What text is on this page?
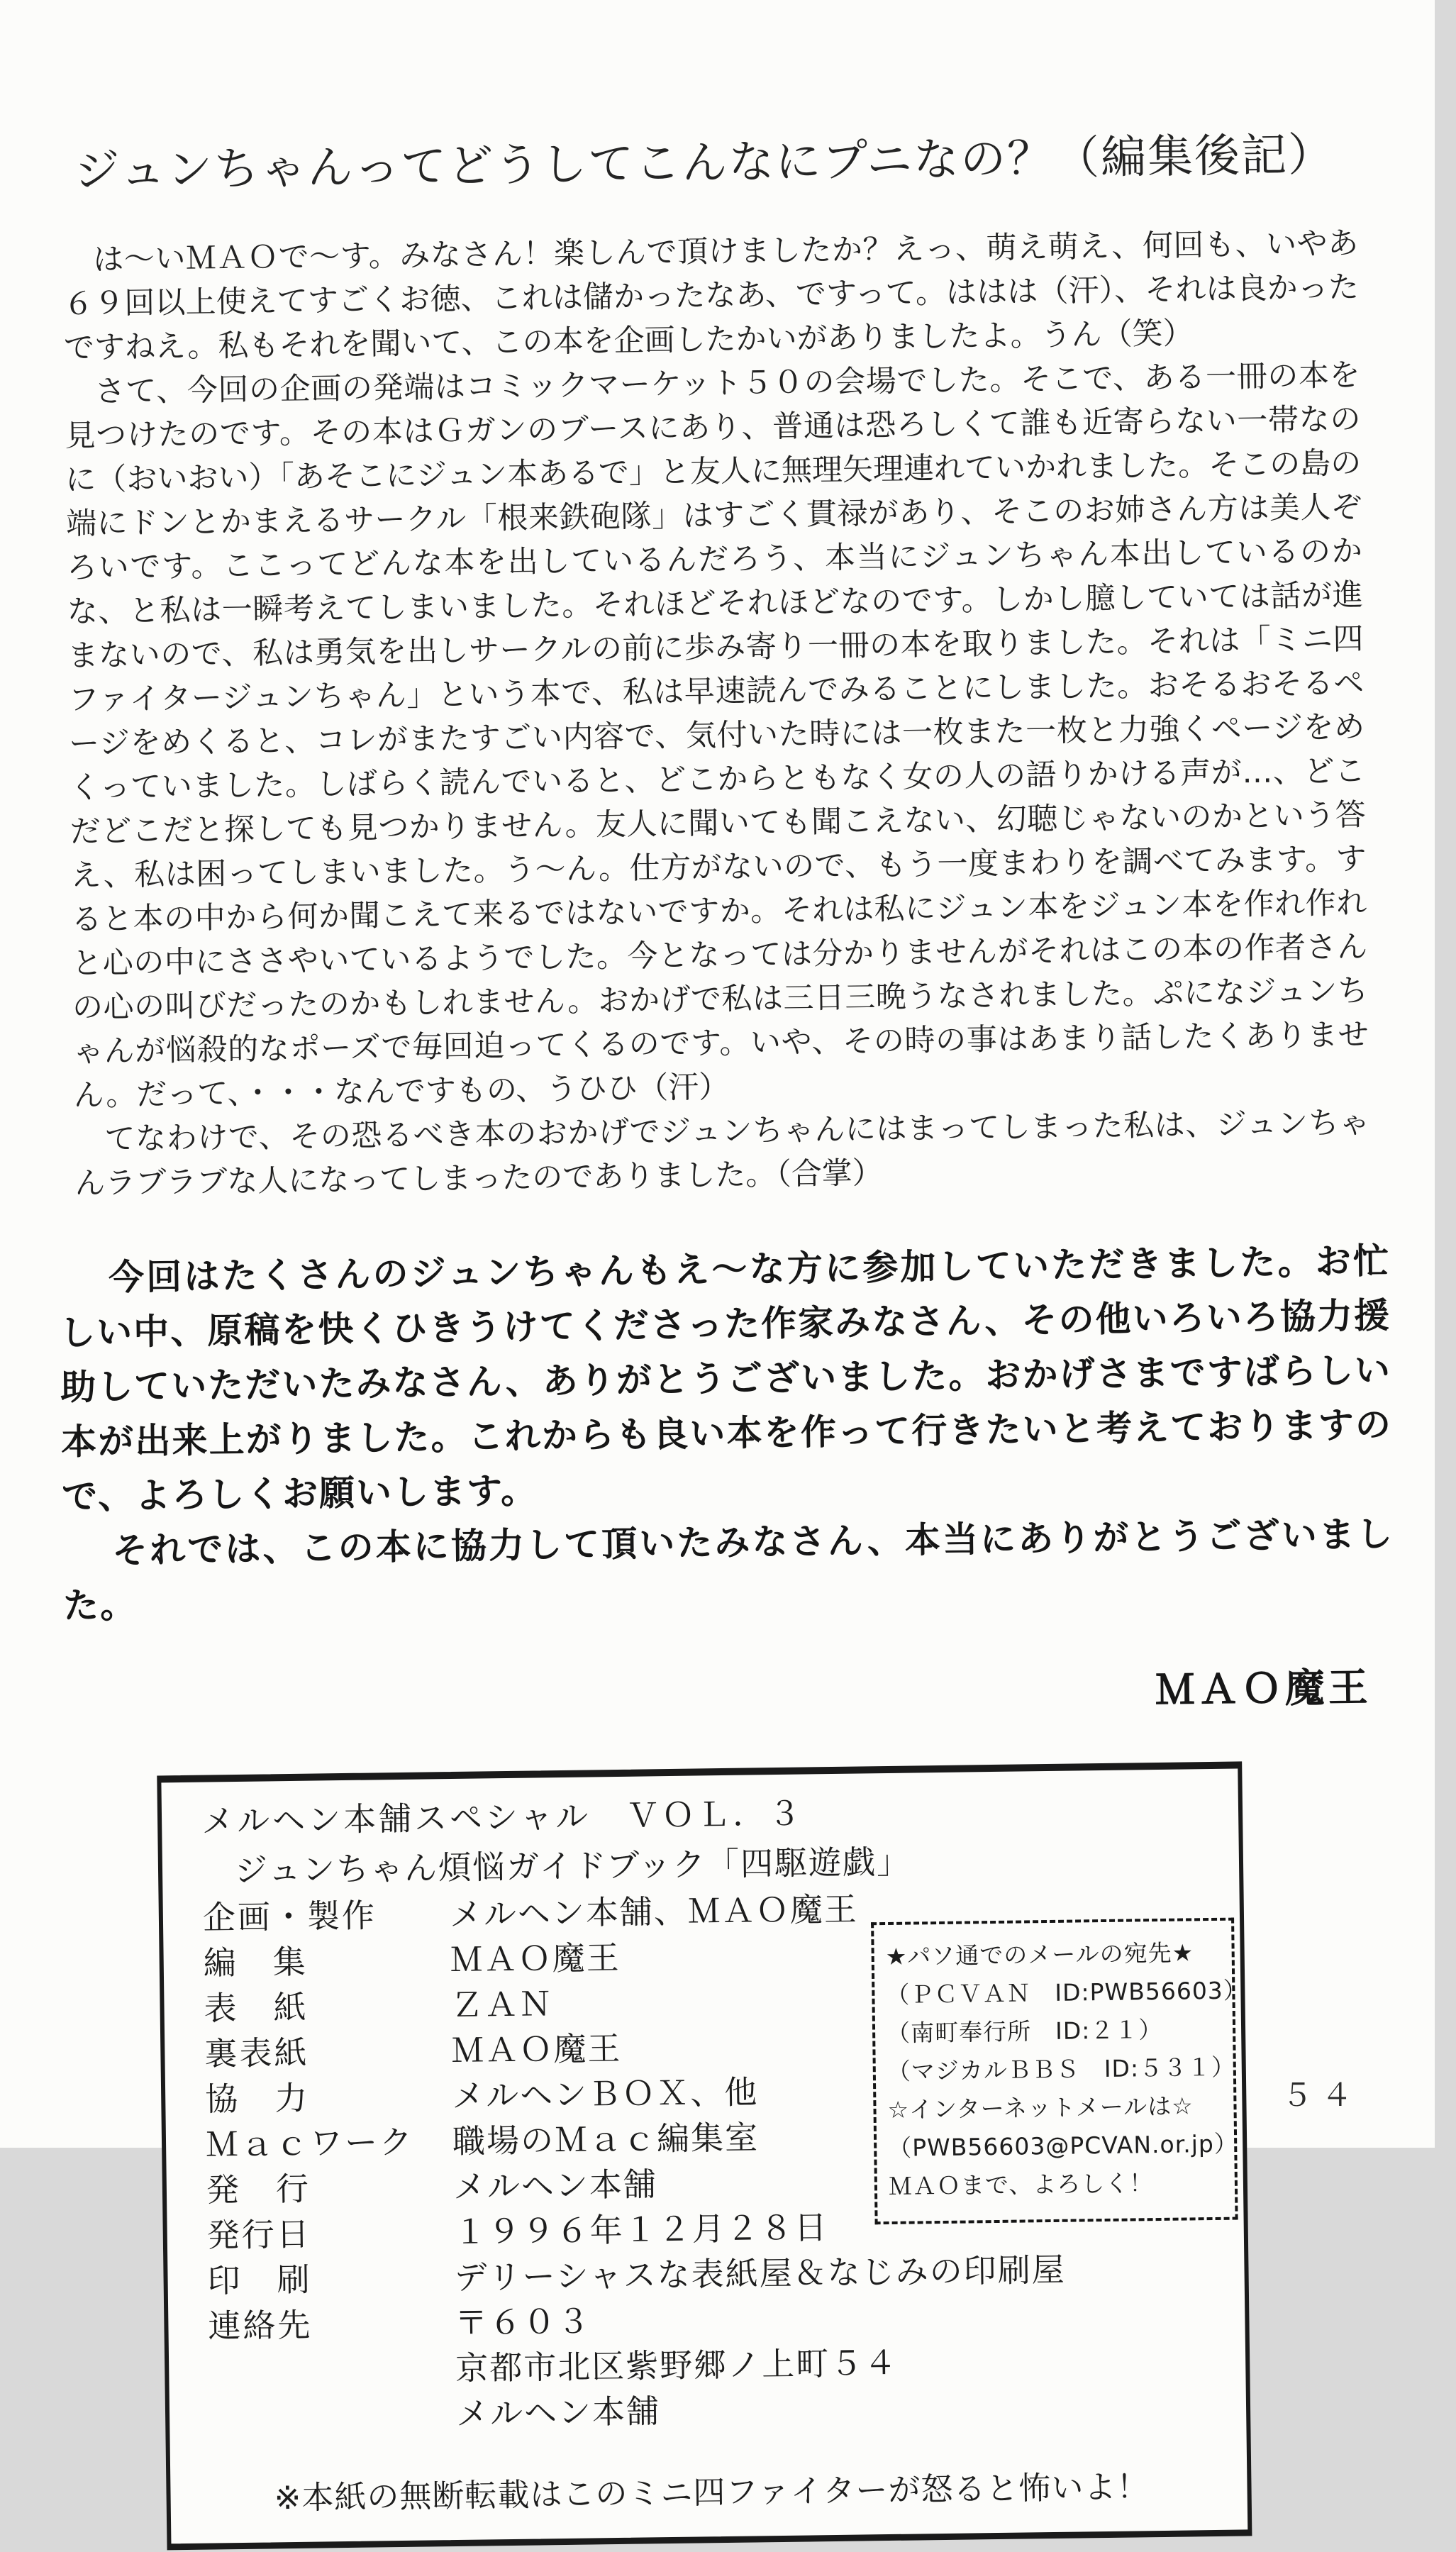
ジュンちゃんってどうしてこんなにプニなの？（編集後記）

は〜いＭＡＯで〜す。みなさん！楽しんで頂けましたか？えっ、萌え萌え、何回も、いやあ６９回以上使えてすごくお徳、これは儲かったなあ、ですって。ははは（汗）、それは良かったですねえ。私もそれを聞いて、この本を企画したかいがありましたよ。うん（笑）

さて、今回の企画の発端はコミックマーケット５０の会場でした。そこで、ある一冊の本を見つけたのです。その本はＧガンのブースにあり、普通は恐ろしくて誰も近寄らない一帯なのに（おいおい）「あそこにジュン本あるで」と友人に無理矢理連れていかれました。そこの島の端にドンとかまえるサークル「根来鉄砲隊」はすごく貫禄があり、そこのお姉さん方は美人ぞろいです。ここってどんな本を出しているんだろう、本当にジュンちゃん本出しているのかな、と私は一瞬考えてしまいました。それほどそれほどなのです。しかし臆していては話が進まないので、私は勇気を出しサークルの前に歩み寄り一冊の本を取りました。それは「ミニ四ファイタージュンちゃん」という本で、私は早速読んでみることにしました。おそるおそるページをめくると、コレがまたすごい内容で、気付いた時には一枚また一枚と力強くページをめくっていました。しばらく読んでいると、どこからともなく女の人の語りかける声が…、どこだどこだと探しても見つかりません。友人に聞いても聞こえない、幻聴じゃないのかという答え、私は困ってしまいました。う〜ん。仕方がないので、もう一度まわりを調べてみます。すると本の中から何か聞こえて来るではないですか。それは私にジュン本をジュン本を作れ作れと心の中にささやいているようでした。今となっては分かりませんがそれはこの本の作者さんの心の叫びだったのかもしれません。おかげで私は三日三晩うなされました。ぷになジュンちゃんが悩殺的なポーズで毎回迫ってくるのです。いや、その時の事はあまり話したくありません。だって、・・・なんですもの、うひひ（汗）

てなわけで、その恐るべき本のおかげでジュンちゃんにはまってしまった私は、ジュンちゃんラブラブな人になってしまったのでありました。（合掌）

今回はたくさんのジュンちゃんもえ〜な方に参加していただきました。お忙しい中、原稿を快くひきうけてくださった作家みなさん、その他いろいろ協力援助していただいたみなさん、ありがとうございました。おかげさまですばらしい本が出来上がりました。これからも良い本を作って行きたいと考えておりますので、よろしくお願いします。

それでは、この本に協力して頂いたみなさん、本当にありがとうございました。

ＭＡＯ魔王
メルヘン本舗スペシャル　ＶＯＬ．３
ジュンちゃん煩悩ガイドブック「四駆遊戯」
企画・製作	メルヘン本舗、ＭＡＯ魔王
編　集	ＭＡＯ魔王
表　紙	ＺＡＮ
裏表紙	ＭＡＯ魔王
協　力	メルヘンＢＯＸ、他
Ｍａｃワーク	職場のＭａｃ編集室
発　行	メルヘン本舗
発行日	１９９６年１２月２８日
印　刷	デリーシャスな表紙屋＆なじみの印刷屋
連絡先	〒６０３
京都市北区紫野郷ノ上町５４
メルヘン本舗
★パソ通でのメールの宛先★
（ＰＣＶＡＮ　ID:PWB56603）
（南町奉行所　ID:２１）
（マジカルＢＢＳ　ID:５３１）
☆インターネットメールは☆
（PWB56603@PCVAN.or.jp）
ＭＡＯまで、よろしく！
※本紙の無断転載はこのミニ四ファイターが怒ると怖いよ！
５４
